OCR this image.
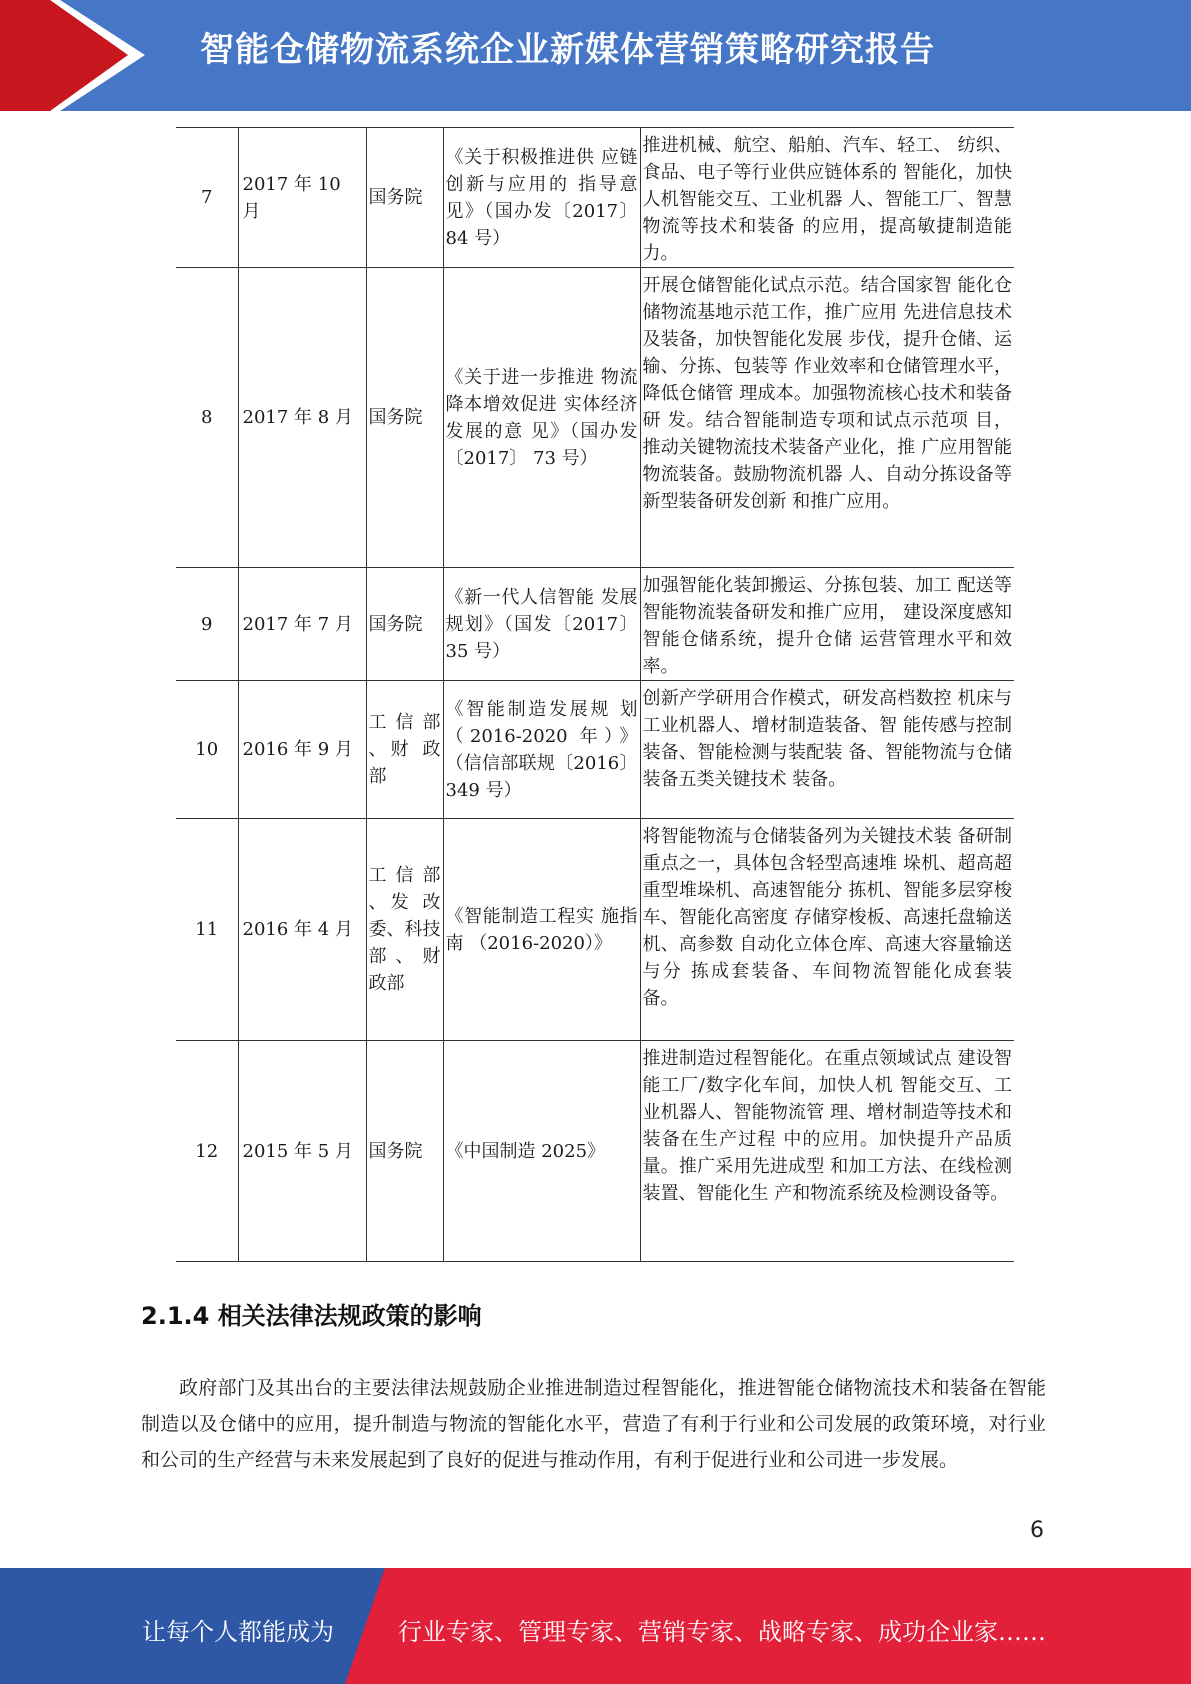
智能仓储物流系统企业新媒体营销策略研究报告
7	2017 年 10 月	国务院	《关于积极推进供 应链创新与应用的 指导意见》（国办发〔2017〕84 号）	推进机械、航空、船舶、汽车、轻工、 纺织、食品、电子等行业供应链体系的 智能化，加快人机智能交互、工业机器 人、智能工厂、智慧物流等技术和装备 的应用，提高敏捷制造能力。
8	2017 年 8 月	国务院	《关于进一步推进 物流降本增效促进 实体经济发展的意 见》（国办发〔2017〕 73 号）	开展仓储智能化试点示范。结合国家智 能化仓储物流基地示范工作，推广应用 先进信息技术及装备，加快智能化发展 步伐，提升仓储、运输、分拣、包装等 作业效率和仓储管理水平，降低仓储管 理成本。加强物流核心技术和装备研 发。结合智能制造专项和试点示范项 目，推动关键物流技术装备产业化，推 广应用智能物流装备。鼓励物流机器 人、自动分拣设备等新型装备研发创新 和推广应用。
9	2017 年 7 月	国务院	《新一代人信智能 发展规划》（国发〔2017〕 35 号）	加强智能化装卸搬运、分拣包装、加工 配送等智能物流装备研发和推广应用， 建设深度感知智能仓储系统，提升仓储 运营管理水平和效率。
10	2016 年 9 月	工 信 部 、财 政部	《智能制造发展规 划 （2016-2020 年）》（信信部联规〔2016〕 349 号）	创新产学研用合作模式，研发高档数控 机床与工业机器人、增材制造装备、智 能传感与控制装备、智能检测与装配装 备、智能物流与仓储装备五类关键技术 装备。
11	2016 年 4 月	工 信 部 、发 改委、科技 部、财 政部	《智能制造工程实 施指南 （2016-2020）》	将智能物流与仓储装备列为关键技术装 备研制重点之一，具体包含轻型高速堆 垛机、超高超重型堆垛机、高速智能分 拣机、智能多层穿梭车、智能化高密度 存储穿梭板、高速托盘输送机、高参数 自动化立体仓库、高速大容量输送与分 拣成套装备、车间物流智能化成套装 备。
12	2015 年 5 月	国务院	《中国制造 2025》	推进制造过程智能化。在重点领域试点 建设智能工厂/数字化车间，加快人机 智能交互、工业机器人、智能物流管 理、增材制造等技术和装备在生产过程 中的应用。加快提升产品质量。推广采用先进成型 和加工方法、在线检测装置、智能化生 产和物流系统及检测设备等。
2.1.4 相关法律法规政策的影响

政府部门及其出台的主要法律法规鼓励企业推进制造过程智能化，推进智能仓储物流技术和装备在智能制造以及仓储中的应用，提升制造与物流的智能化水平，营造了有利于行业和公司发展的政策环境，对行业和公司的生产经营与未来发展起到了良好的促进与推动作用，有利于促进行业和公司进一步发展。

6
让每个人都能成为	行业专家、管理专家、营销专家、战略专家、成功企业家……
